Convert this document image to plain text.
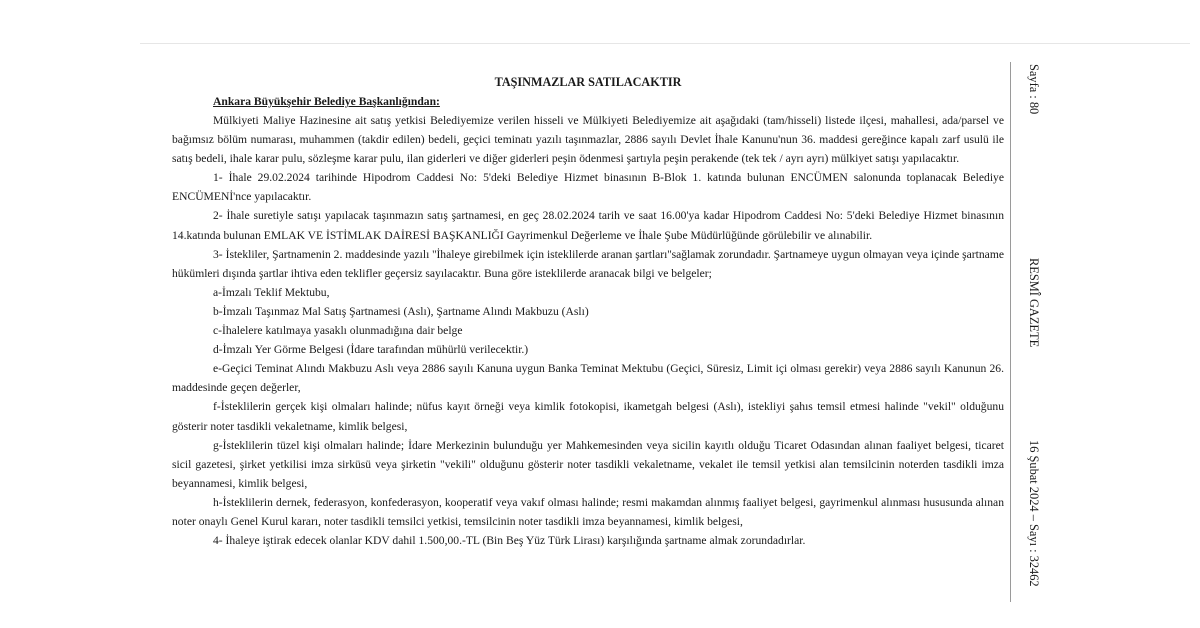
TAŞINMAZLAR SATILACAKTIR

Ankara Büyükşehir Belediye Başkanlığından:

Mülkiyeti Maliye Hazinesine ait satış yetkisi Belediyemize verilen hisseli ve Mülkiyeti Belediyemize ait aşağıdaki (tam/hisseli) listede ilçesi, mahallesi, ada/parsel ve bağımsız bölüm numarası, muhammen (takdir edilen) bedeli, geçici teminatı yazılı taşınmazlar, 2886 sayılı Devlet İhale Kanunu'nun 36. maddesi gereğince kapalı zarf usulü ile satış bedeli, ihale karar pulu, sözleşme karar pulu, ilan giderleri ve diğer giderleri peşin ödenmesi şartıyla peşin perakende (tek tek / ayrı ayrı) mülkiyet satışı yapılacaktır.

1- İhale 29.02.2024 tarihinde Hipodrom Caddesi No: 5'deki Belediye Hizmet binasının B-Blok 1. katında bulunan ENCÜMEN salonunda toplanacak Belediye ENCÜMENİ'nce yapılacaktır.

2- İhale suretiyle satışı yapılacak taşınmazın satış şartnamesi, en geç 28.02.2024 tarih ve saat 16.00'ya kadar Hipodrom Caddesi No: 5'deki Belediye Hizmet binasının 14.katında bulunan EMLAK VE İSTİMLAK DAİRESİ BAŞKANLIĞI Gayrimenkul Değerleme ve İhale Şube Müdürlüğünde görülebilir ve alınabilir.

3- İstekliler, Şartnamenin 2. maddesinde yazılı ''İhaleye girebilmek için isteklilerde aranan şartları''sağlamak zorundadır. Şartnameye uygun olmayan veya içinde şartname hükümleri dışında şartlar ihtiva eden teklifler geçersiz sayılacaktır. Buna göre isteklilerde aranacak bilgi ve belgeler;

a-İmzalı Teklif Mektubu,

b-İmzalı Taşınmaz Mal Satış Şartnamesi (Aslı), Şartname Alındı Makbuzu (Aslı)

c-İhalelere katılmaya yasaklı olunmadığına dair belge

d-İmzalı Yer Görme Belgesi (İdare tarafından mühürlü verilecektir.)

e-Geçici Teminat Alındı Makbuzu Aslı veya 2886 sayılı Kanuna uygun Banka Teminat Mektubu (Geçici, Süresiz, Limit içi olması gerekir) veya 2886 sayılı Kanunun 26. maddesinde geçen değerler,

f-İsteklilerin gerçek kişi olmaları halinde; nüfus kayıt örneği veya kimlik fotokopisi, ikametgah belgesi (Aslı), istekliyi şahıs temsil etmesi halinde "vekil" olduğunu gösterir noter tasdikli vekaletname, kimlik belgesi,

g-İsteklilerin tüzel kişi olmaları halinde; İdare Merkezinin bulunduğu yer Mahkemesinden veya sicilin kayıtlı olduğu Ticaret Odasından alınan faaliyet belgesi, ticaret sicil gazetesi, şirket yetkilisi imza sirküsü veya şirketin "vekili" olduğunu gösterir noter tasdikli vekaletname, vekalet ile temsil yetkisi alan temsilcinin noterden tasdikli imza beyannamesi, kimlik belgesi,

h-İsteklilerin dernek, federasyon, konfederasyon, kooperatif veya vakıf olması halinde; resmi makamdan alınmış faaliyet belgesi, gayrimenkul alınması hususunda alınan noter onaylı Genel Kurul kararı, noter tasdikli temsilci yetkisi, temsilcinin noter tasdikli imza beyannamesi, kimlik belgesi,

4- İhaleye iştirak edecek olanlar KDV dahil 1.500,00.-TL (Bin Beş Yüz Türk Lirası) karşılığında şartname almak zorundadırlar.

Sayfa : 80
RESMÎ GAZETE
16 Şubat 2024 – Sayı : 32462
